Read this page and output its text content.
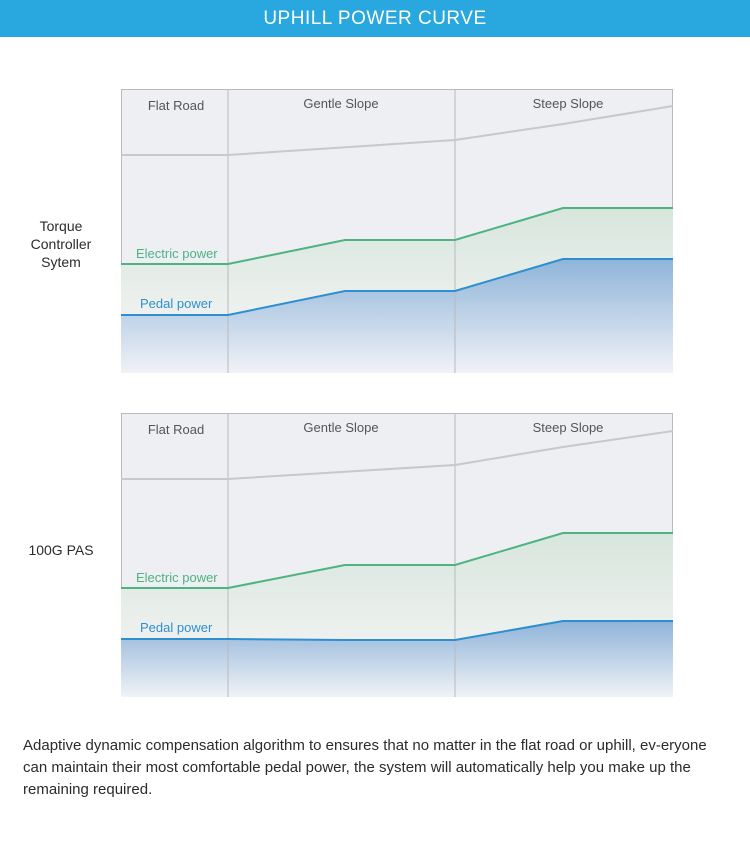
UPHILL POWER CURVE
Torque
Controller
Sytem
Flat Road	Gentle Slope	Steep Slope
Electric power
Pedal power
100G PAS
Flat Road	Gentle Slope	Steep Slope
Electric power
Pedal power
Adaptive dynamic compensation algorithm to ensures that no matter in the flat road or uphill, ev-eryone can maintain their most comfortable pedal power, the system will automatically help you make up the remaining required.
